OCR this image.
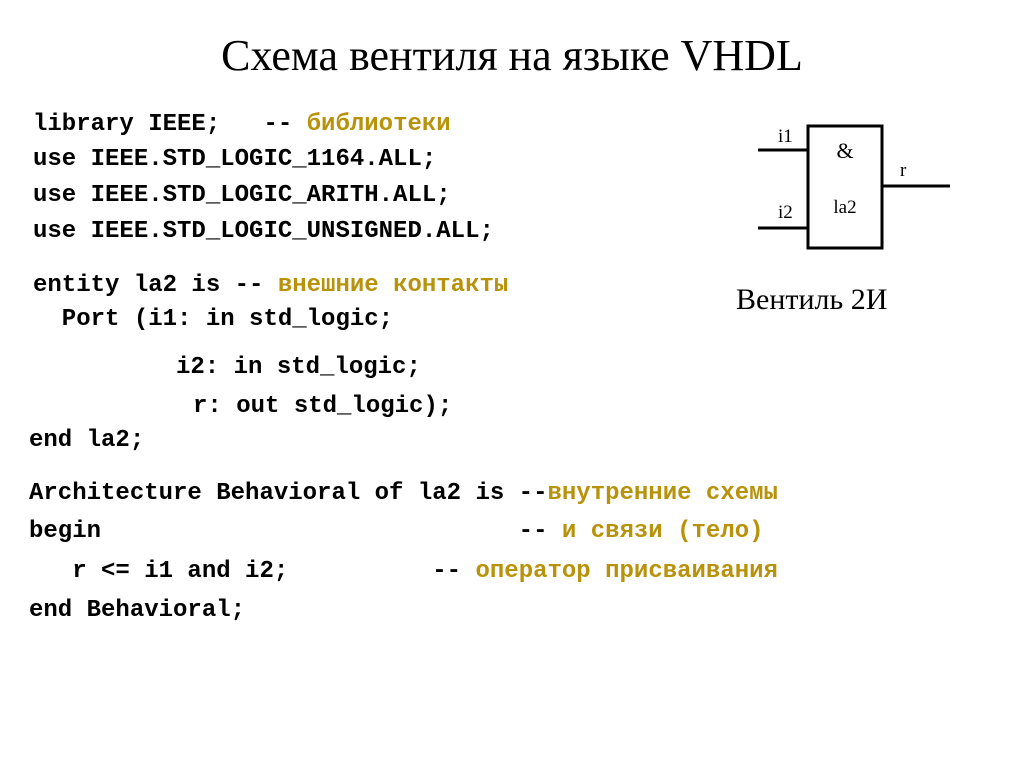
Схема вентиля на языке VHDL
library IEEE;   -- библиотеки
use IEEE.STD_LOGIC_1164.ALL;
use IEEE.STD_LOGIC_ARITH.ALL;
use IEEE.STD_LOGIC_UNSIGNED.ALL;
entity la2 is -- внешние контакты
Port (i1: in std_logic;
i2: in std_logic;
r: out std_logic);
end la2;
Architecture Behavioral of la2 is --внутренние схемы
begin                             -- и связи (тело)
r <= i1 and i2;          -- оператор присваивания
end Behavioral;
&
la2
i1
i2
r
Вентиль 2И
